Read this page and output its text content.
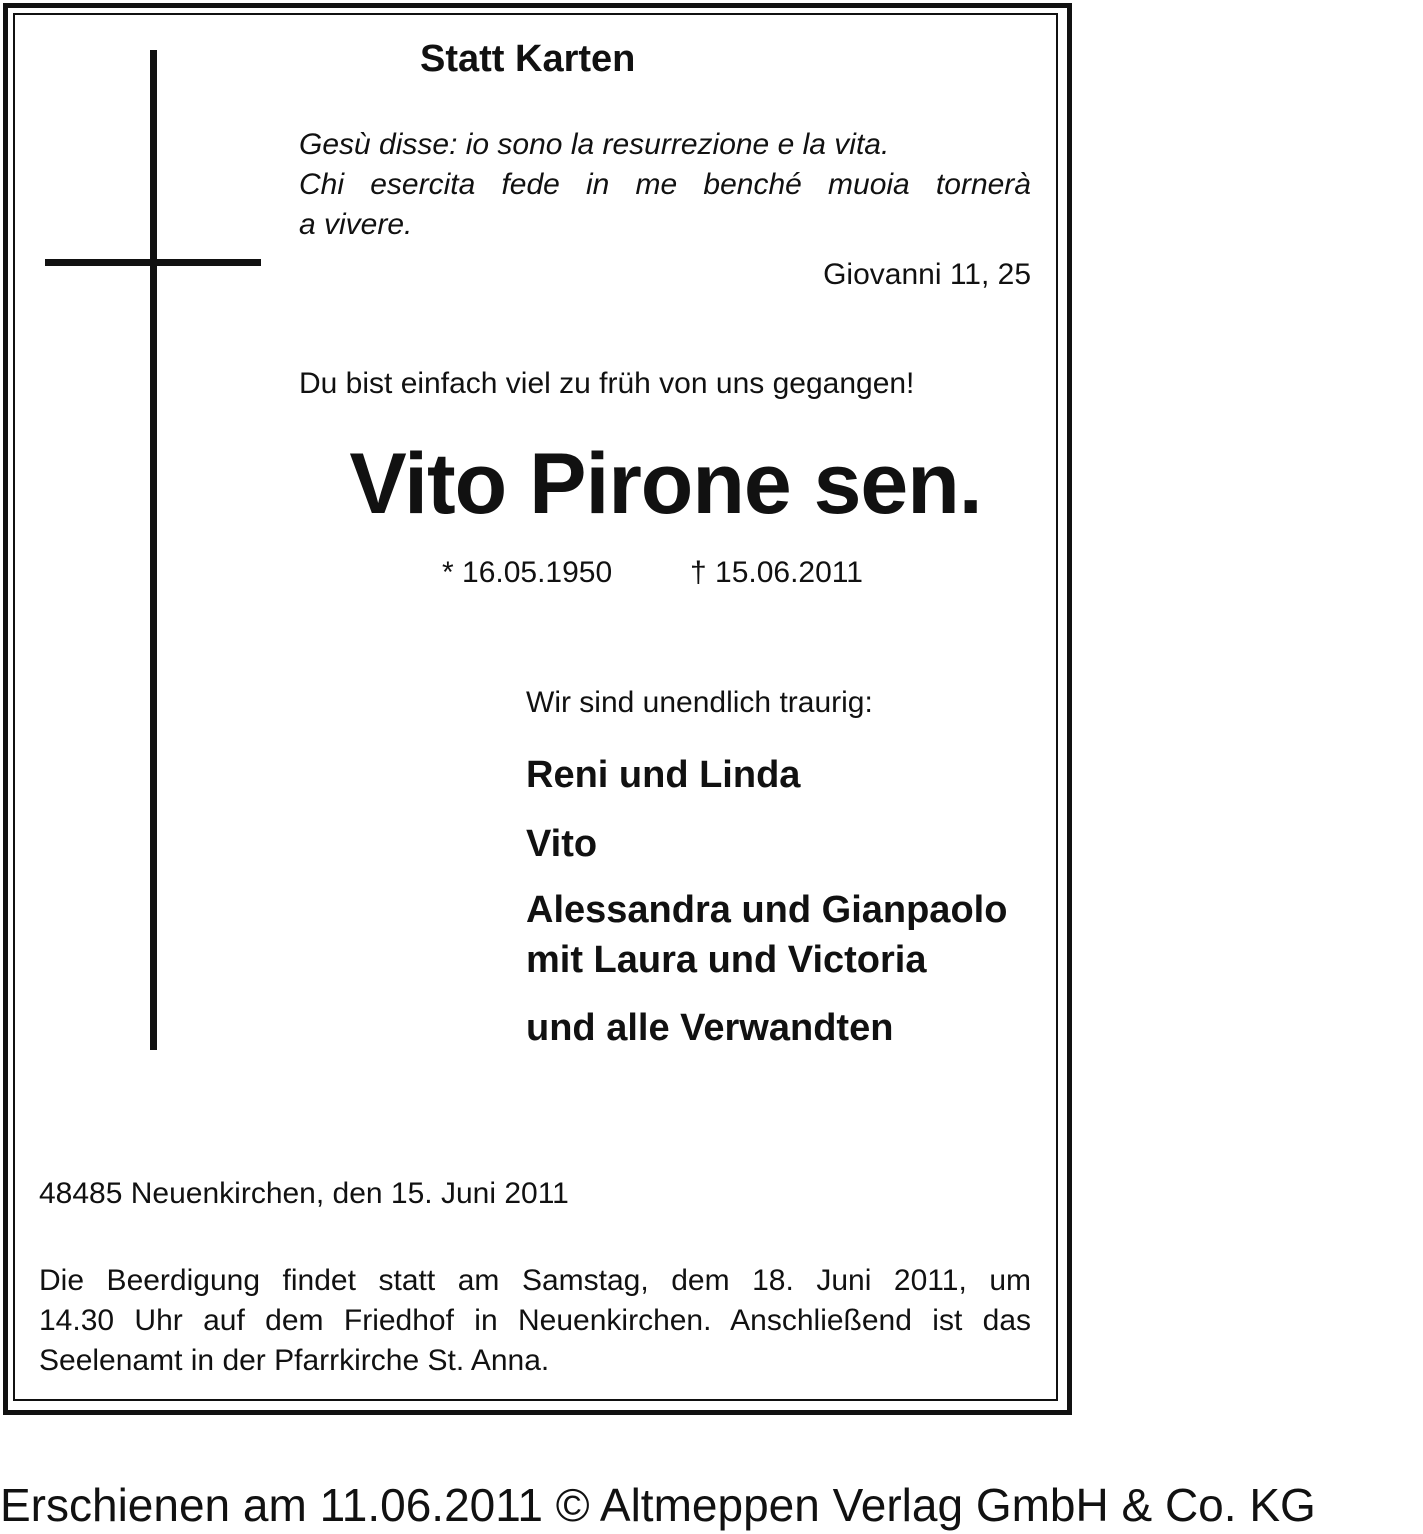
Statt Karten

Gesù disse: io sono la resurrezione e la vita.
Chi esercita fede in me benché muoia tornerà
a vivere.

Giovanni 11, 25

Du bist einfach viel zu früh von uns gegangen!

Vito Pirone sen.

* 16.05.1950	† 15.06.2011

Wir sind unendlich traurig:

Reni und Linda

Vito

Alessandra und Gianpaolo

mit Laura und Victoria

und alle Verwandten

48485 Neuenkirchen, den 15. Juni 2011

Die Beerdigung findet statt am Samstag, dem 18. Juni 2011, um
14.30 Uhr auf dem Friedhof in Neuenkirchen. Anschließend ist das
Seelenamt in der Pfarrkirche St. Anna.

Erschienen am 11.06.2011 © Altmeppen Verlag GmbH & Co. KG
